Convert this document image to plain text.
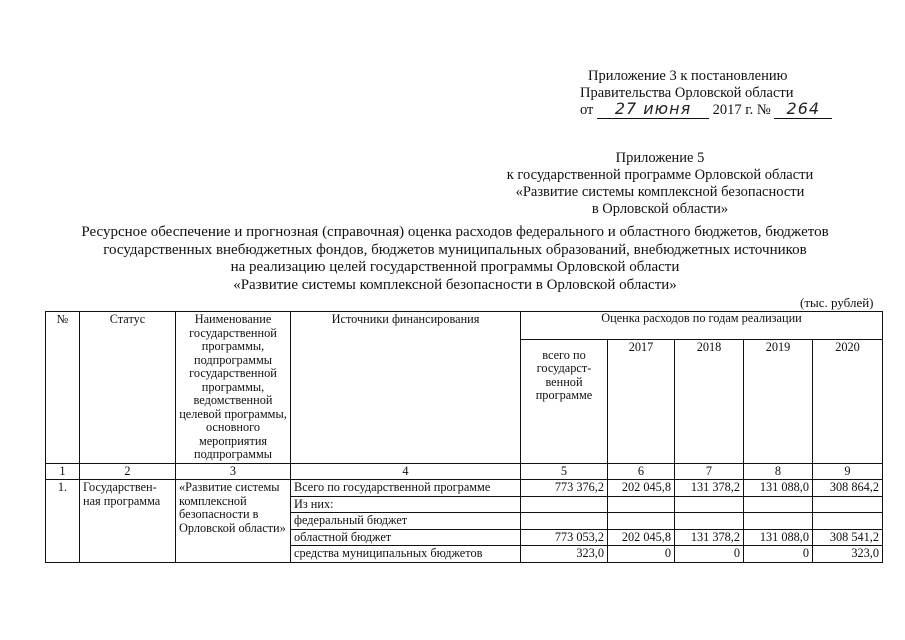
Приложение 3 к постановлению
Правительства Орловской области
от 27 июня 2017 г. № 264
Приложение 5
к государственной программе Орловской области
«Развитие системы комплексной безопасности
в Орловской области»
Ресурсное обеспечение и прогнозная (справочная) оценка расходов федерального и областного бюджетов, бюджетов
государственных внебюджетных фондов, бюджетов муниципальных образований, внебюджетных источников
на реализацию целей государственной программы Орловской области
«Развитие системы комплексной безопасности в Орловской области»
(тыс. рублей)
№	Статус	Наименование государственной программы, подпрограммы государственной программы, ведомственной целевой программы, основного мероприятия подпрограммы	Источники финансирования	Оценка расходов по годам реализации				
				всего по государст-венной программе	2017	2018	2019	2020
1	2	3	4	5	6	7	8	9
1.	Государствен-ная программа	«Развитие системы комплексной безопасности в Орловской области»	Всего по государственной программе	773 376,2	202 045,8	131 378,2	131 088,0	308 864,2
			Из них:					
			федеральный бюджет					
			областной бюджет	773 053,2	202 045,8	131 378,2	131 088,0	308 541,2
			средства муниципальных бюджетов	323,0	0	0	0	323,0
